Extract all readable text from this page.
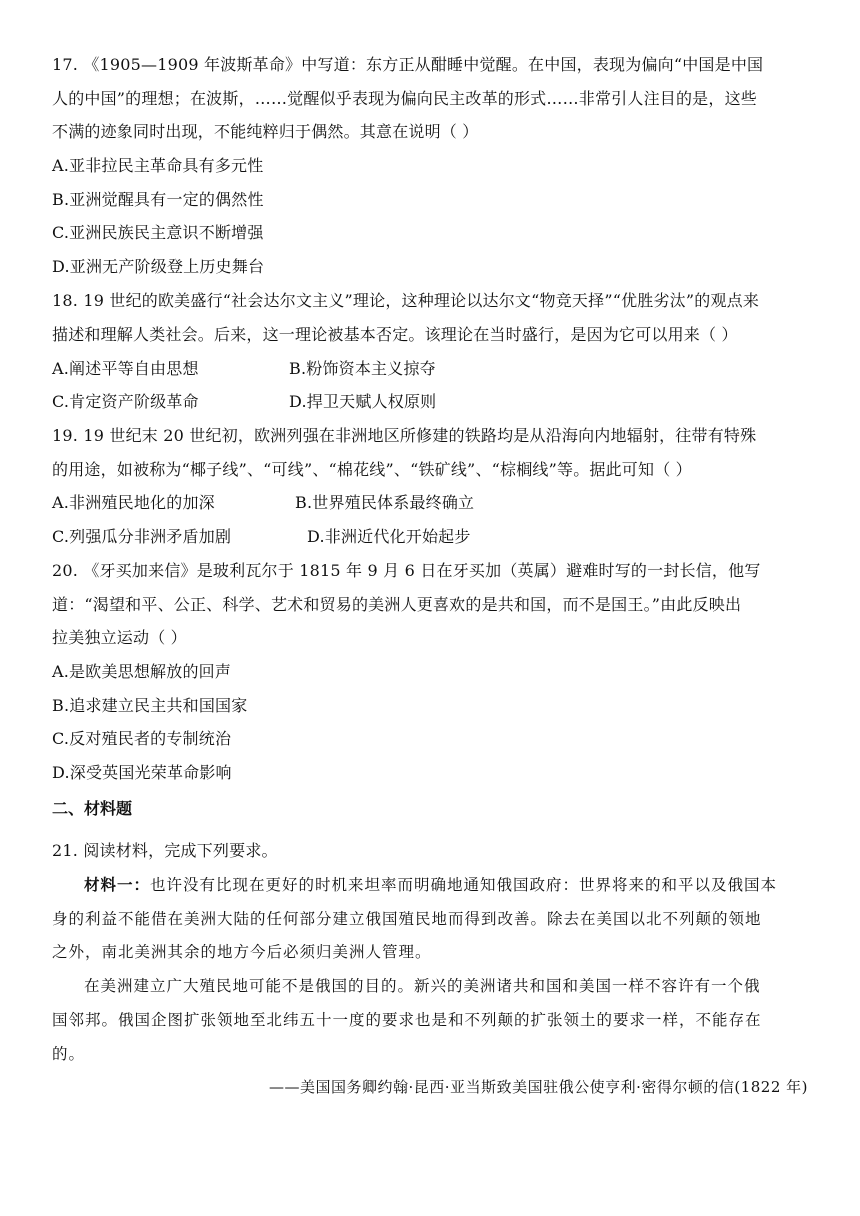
17. 《1905—1909 年波斯革命》中写道：东方正从酣睡中觉醒。在中国，表现为偏向“中国是中国
人的中国”的理想；在波斯，……觉醒似乎表现为偏向民主改革的形式……非常引人注目的是，这些
不满的迹象同时出现，不能纯粹归于偶然。其意在说明（ ）
A.亚非拉民主革命具有多元性
B.亚洲觉醒具有一定的偶然性
C.亚洲民族民主意识不断增强
D.亚洲无产阶级登上历史舞台
18. 19 世纪的欧美盛行“社会达尔文主义”理论，这种理论以达尔文“物竞天择”“优胜劣汰”的观点来
描述和理解人类社会。后来，这一理论被基本否定。该理论在当时盛行，是因为它可以用来（ ）
A.阐述平等自由思想	B.粉饰资本主义掠夺
C.肯定资产阶级革命	D.捍卫天赋人权原则
19. 19 世纪末 20 世纪初，欧洲列强在非洲地区所修建的铁路均是从沿海向内地辐射，往带有特殊
的用途，如被称为“椰子线”、“可线”、“棉花线”、“铁矿线”、“棕榈线”等。据此可知（ ）
A.非洲殖民地化的加深	B.世界殖民体系最终确立
C.列强瓜分非洲矛盾加剧	D.非洲近代化开始起步
20. 《牙买加来信》是玻利瓦尔于 1815 年 9 月 6 日在牙买加（英属）避难时写的一封长信，他写
道：“渴望和平、公正、科学、艺术和贸易的美洲人更喜欢的是共和国，而不是国王。”由此反映出
拉美独立运动（ ）
A.是欧美思想解放的回声
B.追求建立民主共和国国家
C.反对殖民者的专制统治
D.深受英国光荣革命影响
二、材料题
21. 阅读材料，完成下列要求。
材料一：也许没有比现在更好的时机来坦率而明确地通知俄国政府：世界将来的和平以及俄国本
身的利益不能借在美洲大陆的任何部分建立俄国殖民地而得到改善。除去在美国以北不列颠的领地
之外，南北美洲其余的地方今后必须归美洲人管理。
在美洲建立广大殖民地可能不是俄国的目的。新兴的美洲诸共和国和美国一样不容许有一个俄
国邻邦。俄国企图扩张领地至北纬五十一度的要求也是和不列颠的扩张领土的要求一样，不能存在
的。
——美国国务卿约翰·昆西·亚当斯致美国驻俄公使亨利·密得尔顿的信(1822 年)
